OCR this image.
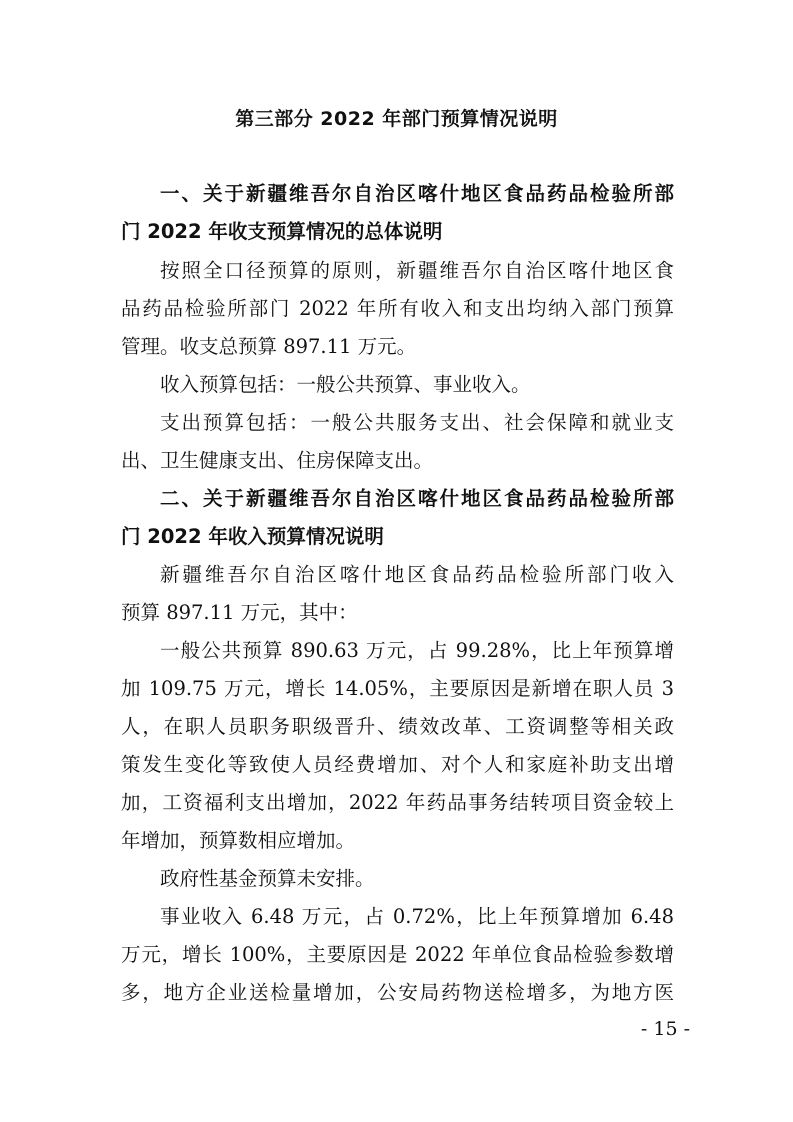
第三部分 2022 年部门预算情况说明
一、关于新疆维吾尔自治区喀什地区食品药品检验所部
门 2022 年收支预算情况的总体说明
按照全口径预算的原则，新疆维吾尔自治区喀什地区食
品药品检验所部门 2022 年所有收入和支出均纳入部门预算
管理。收支总预算 897.11 万元。
收入预算包括：一般公共预算、事业收入。
支出预算包括：一般公共服务支出、社会保障和就业支
出、卫生健康支出、住房保障支出。
二、关于新疆维吾尔自治区喀什地区食品药品检验所部
门 2022 年收入预算情况说明
新疆维吾尔自治区喀什地区食品药品检验所部门收入
预算 897.11 万元，其中：
一般公共预算 890.63 万元，占 99.28%，比上年预算增
加 109.75 万元，增长 14.05%，主要原因是新增在职人员 3
人，在职人员职务职级晋升、绩效改革、工资调整等相关政
策发生变化等致使人员经费增加、对个人和家庭补助支出增
加，工资福利支出增加，2022 年药品事务结转项目资金较上
年增加，预算数相应增加。
政府性基金预算未安排。
事业收入 6.48 万元，占 0.72%，比上年预算增加 6.48
万元，增长 100%，主要原因是 2022 年单位食品检验参数增
多，地方企业送检量增加，公安局药物送检增多，为地方医
- 15 -
